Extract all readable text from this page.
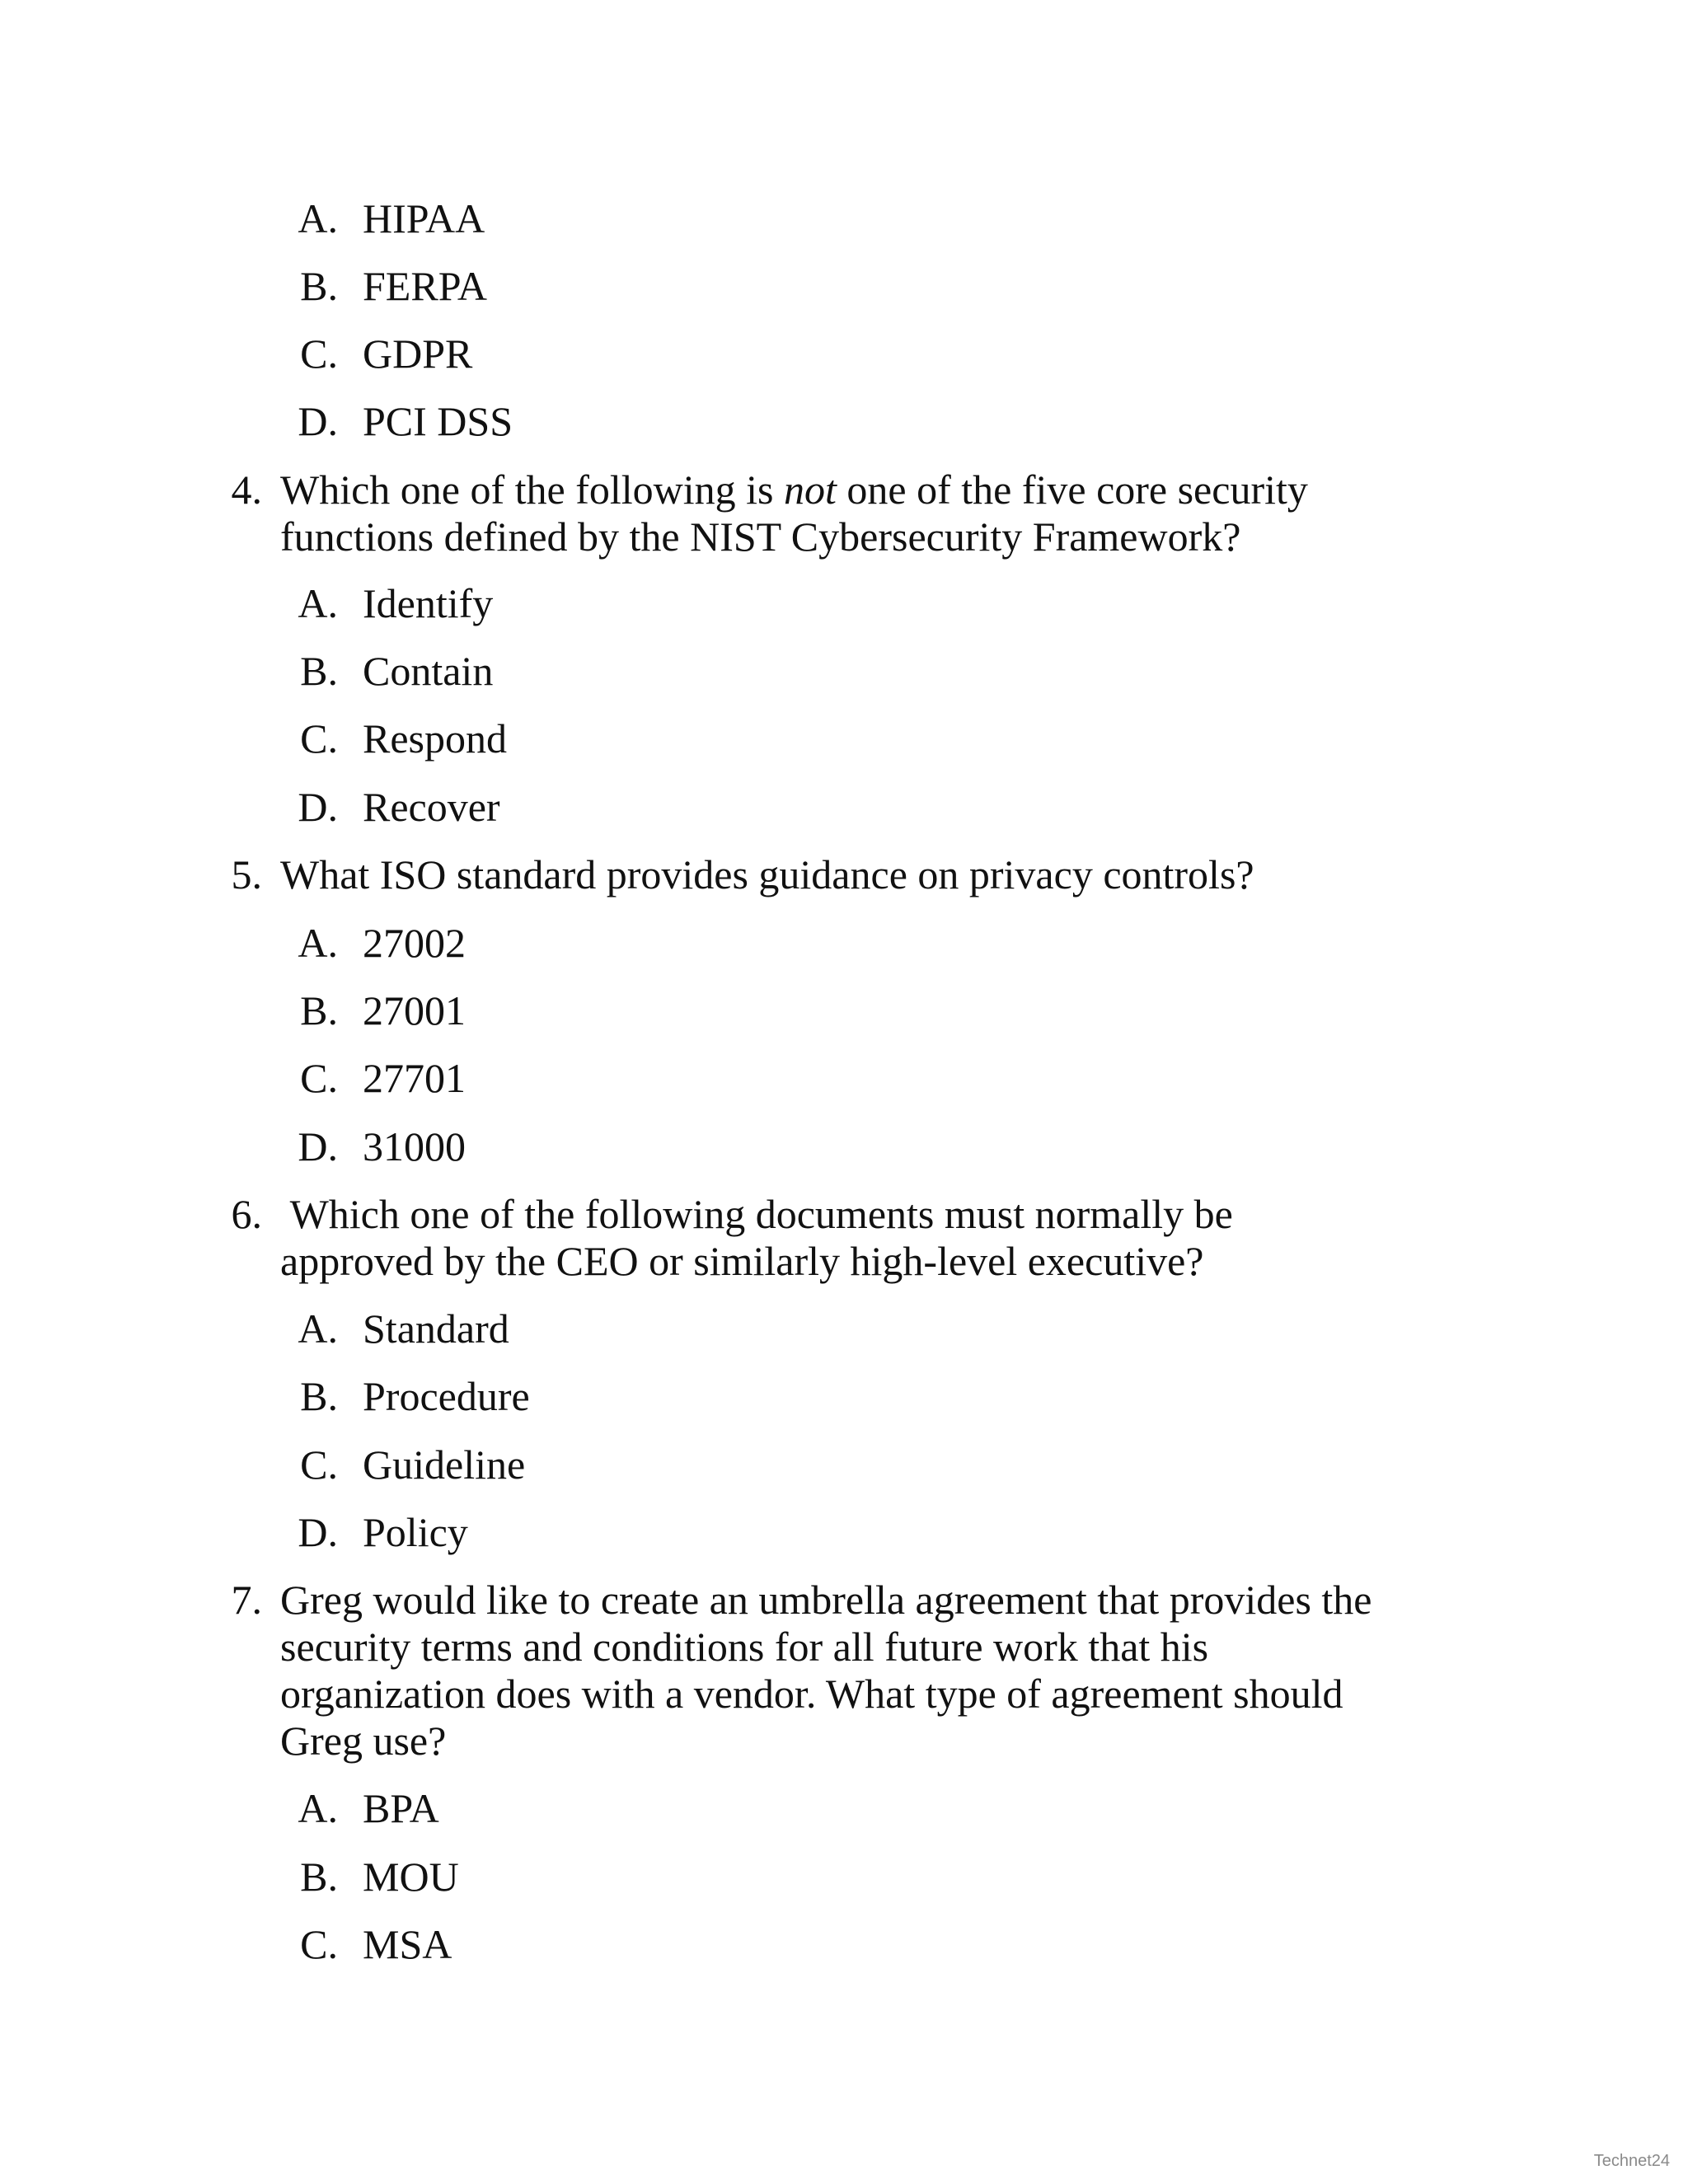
A. HIPAA
B. FERPA
C. GDPR
D. PCI DSS
4. Which one of the following is not one of the five core security
functions defined by the NIST Cybersecurity Framework?
A. Identify
B. Contain
C. Respond
D. Recover
5. What ISO standard provides guidance on privacy controls?
A. 27002
B. 27001
C. 27701
D. 31000
6. Which one of the following documents must normally be
approved by the CEO or similarly high-level executive?
A. Standard
B. Procedure
C. Guideline
D. Policy
7. Greg would like to create an umbrella agreement that provides the
security terms and conditions for all future work that his
organization does with a vendor. What type of agreement should
Greg use?
A. BPA
B. MOU
C. MSA
Technet24
